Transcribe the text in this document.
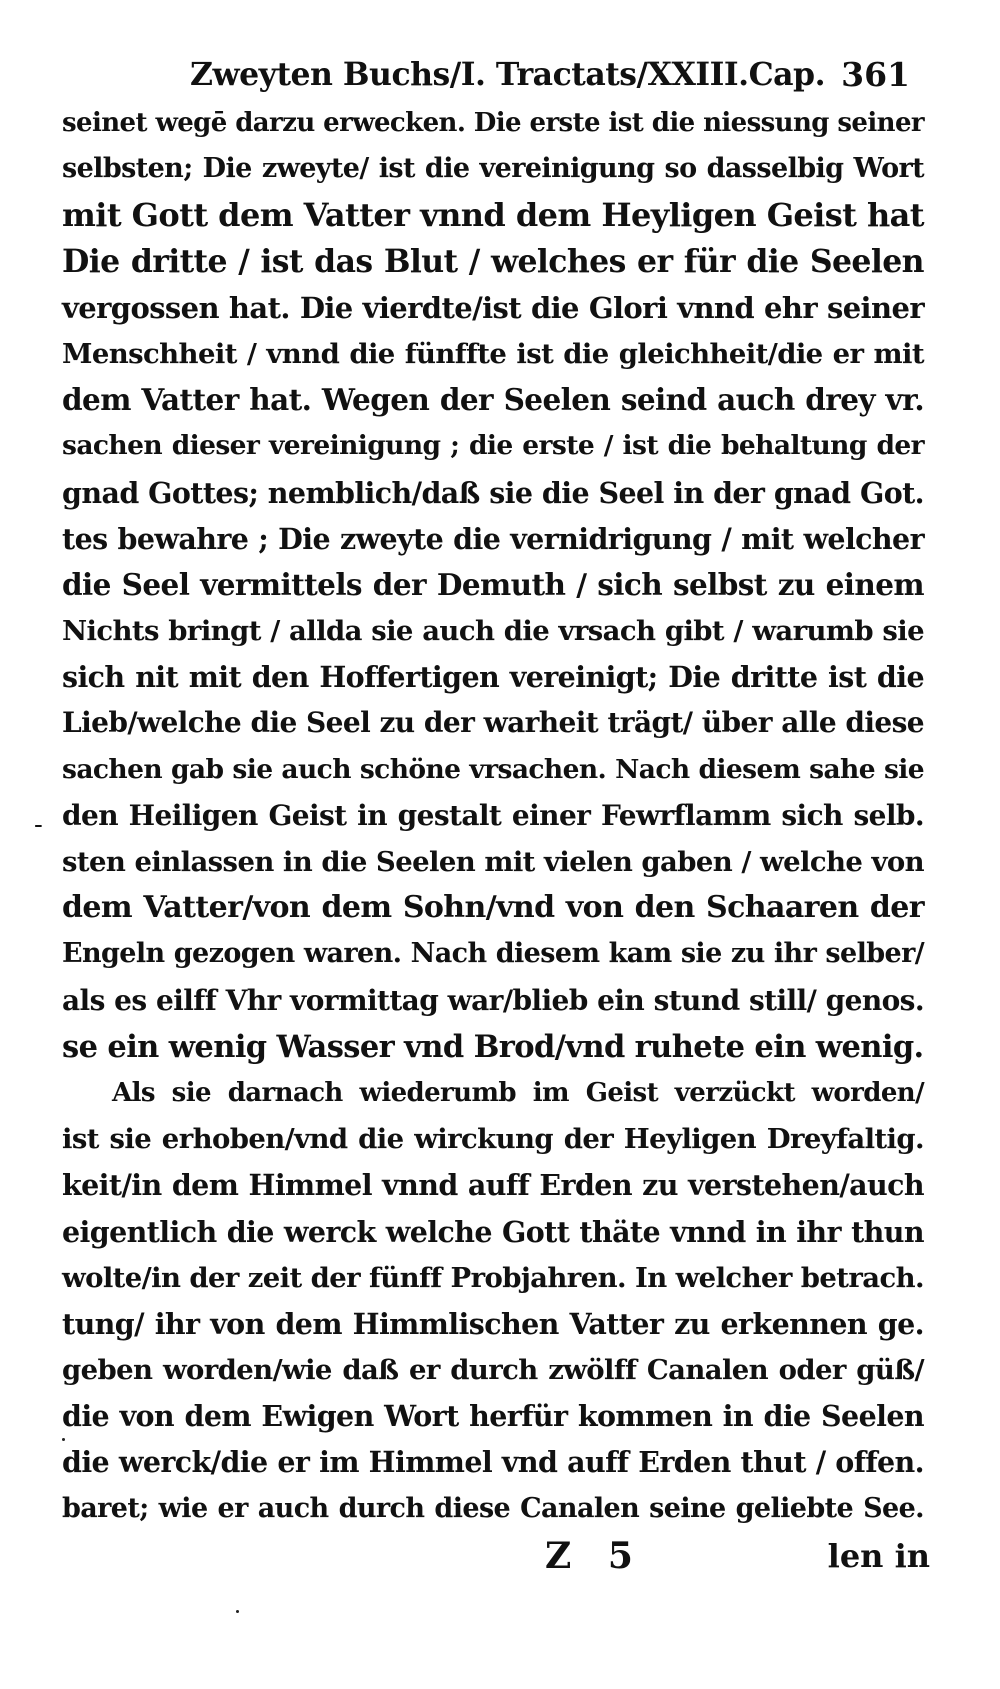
Zweyten Buchs/I. Tractats/XXIII.Cap. 361
-
seinet wegē darzu erwecken. Die erste ist die niessung seiner
selbsten; Die zweyte/ ist die vereinigung so dasselbig Wort
mit Gott dem Vatter vnnd dem Heyligen Geist hat
Die dritte / ist das Blut / welches er für die Seelen
vergossen hat. Die vierdte/ist die Glori vnnd ehr seiner
Menschheit / vnnd die fünffte ist die gleichheit/die er mit
dem Vatter hat. Wegen der Seelen seind auch drey vr.
sachen dieser vereinigung ; die erste / ist die behaltung der
gnad Gottes; nemblich/daß sie die Seel in der gnad Got.
tes bewahre ; Die zweyte die vernidrigung / mit welcher
die Seel vermittels der Demuth / sich selbst zu einem
Nichts bringt / allda sie auch die vrsach gibt / warumb sie
sich nit mit den Hoffertigen vereinigt; Die dritte ist die
Lieb/welche die Seel zu der warheit trägt/ über alle diese
sachen gab sie auch schöne vrsachen. Nach diesem sahe sie
den Heiligen Geist in gestalt einer Fewrflamm sich selb.
sten einlassen in die Seelen mit vielen gaben / welche von
dem Vatter/von dem Sohn/vnd von den Schaaren der
Engeln gezogen waren. Nach diesem kam sie zu ihr selber/
als es eilff Vhr vormittag war/blieb ein stund still/ genos.
se ein wenig Wasser vnd Brod/vnd ruhete ein wenig.
Als sie darnach wiederumb im Geist verzückt worden/
ist sie erhoben/vnd die wirckung der Heyligen Dreyfaltig.
keit/in dem Himmel vnnd auff Erden zu verstehen/auch
eigentlich die werck welche Gott thäte vnnd in ihr thun
wolte/in der zeit der fünff Probjahren. In welcher betrach.
tung/ ihr von dem Himmlischen Vatter zu erkennen ge.
geben worden/wie daß er durch zwölff Canalen oder güß/
die von dem Ewigen Wort herfür kommen in die Seelen
die werck/die er im Himmel vnd auff Erden thut / offen.
baret; wie er auch durch diese Canalen seine geliebte See.
Z 5	len in
